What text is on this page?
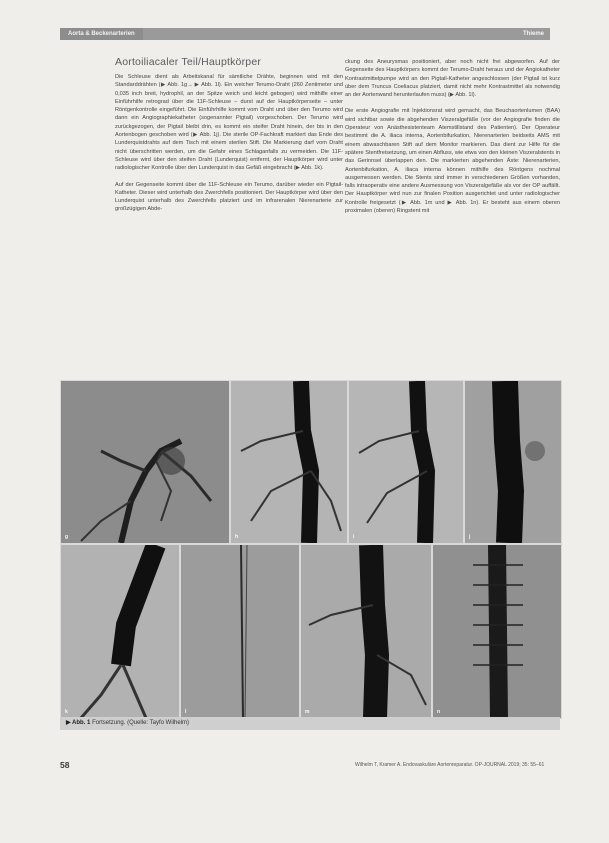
Aorta & Beckenarterien	Thieme
Aortoiliacaler Teil/Hauptkörper

Die Schleuse dient als Arbeitskanal für sämtliche Drähte, beginnen wird mit den Standarddrähten (▶ Abb. 1g→ ▶ Abb. 1l). Ein weicher Terumo-Draht (260 Zentimeter und 0,035 inch breit, hydrophil, an der Spitze weich und leicht gebogen) wird mithilfe einer Einführhilfe retrograd über die 11F-Schleuse – durst auf der Hauptkörperseite – unter Röntgenkontrolle eingeführt. Die Einführhilfe kommt vom Draht und über den Terumo wird dann ein Angiographiekatheter (sogenannter Pigtail) vorgeschoben. Der Terumo wird zurückgezogen, der Pigtail bleibt drin, es kommt ein steifer Draht hinein, der bis in den Aortenbogen geschoben wird (▶ Abb. 1j). Die sterile OP-Fachkraft markiert das Ende des Lunderquistdrahts auf dem Tisch mit einem sterilen Stift. Die Markierung darf vom Draht nicht überschritten werden, um die Gefahr eines Schlaganfalls zu vermeiden. Die 11F-Schleuse wird über den steifen Draht (Lunderquist) entfernt, der Hauptkörper wird unter radiologischer Kontrolle über den Lunderquist in das Gefäß eingebracht (▶ Abb. 1k).

Auf der Gegenseite kommt über die 11F-Schleuse ein Terumo, darüber wieder ein Pigtail-Katheter. Dieser wird unterhalb des Zwerchfells positioniert. Der Hauptkörper wird über den Lunderquist unterhalb des Zwerchfells platziert und im infrarenalen Nierenarterie zur großzügigen Abde-

ckung des Aneurysmas positioniert, aber noch nicht frei abgeworfen. Auf der Gegenseite des Hauptkörpers kommt der Terumo-Draht heraus und der Angiokatheter Kontrastmittelpumpe wird an den Pigtail-Katheter angeschlossen (der Pigtail ist kurz über dem Truncus Coeliacus platziert, damit nicht mehr Kontrastmittel als notwendig an der Aortenwand herunterlaufen muss) (▶ Abb. 1l).

Die erste Angiografie mit Injektionsrat wird gemacht, das Beuchaortenlumen (BAA) wird sichtbar sowie die abgehenden Viszeralgefäße (vor der Angiografie finden die Operateur von Anästhesistenteam Atemstillstand des Patienten). Der Operateur bestimmt die A. iliaca interna, Aortenbifurkation, Nierenarterien beidseits AMS mit einem abwaschbaren Stift auf dem Monitor markieren. Das dient zur Hilfe für die spätere Stentfreisetzung, um einen Abfluss, wie etwa von den kleinen Viszeralstents in das Gerinnsel überlappen den. Die markierten abgehenden Äste: Nierenarterien, Aortenbifurkation, A. iliaca interna können mithilfe des Röntgens nochmal ausgemessen werden. Die Stents sind immer in verschiedenen Größen vorhanden, falls intraoperativ eine andere Ausmessung von Viszeralgefäße als vor der OP auffällt. Der Hauptkörper wird nun zur finalen Position ausgerichtet und unter radiologischer Kontrolle freigesetzt (▶ Abb. 1m und ▶ Abb. 1n). Er besteht aus einem oberen proximalen (oberen) Ringstent mit

g	h	i	j
k	l	m	n
▶ Abb. 1 Fortsetzung. (Quelle: Tayfo Wilhelm)
58	Wilhelm T, Kramer A. Endovaskuläre Aortenreparatur. OP-JOURNAL 2019; 35: 55–61
